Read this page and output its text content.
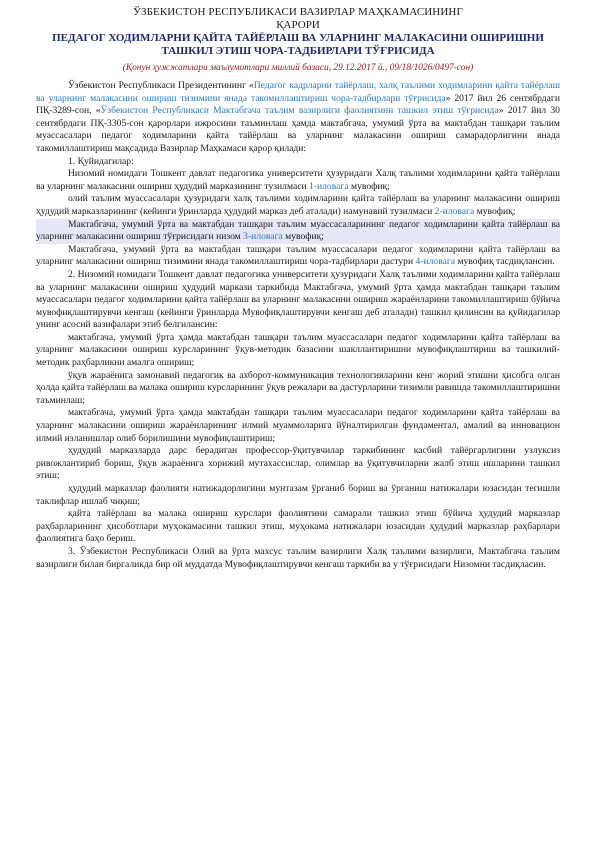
ЎЗБЕКИСТОН РЕСПУБЛИКАСИ ВАЗИРЛАР МАҲКАМАСИНИНГ
ҚАРОРИ
ПЕДАГОГ ХОДИМЛАРНИ ҚАЙТА ТАЙЁРЛАШ ВА УЛАРНИНГ МАЛАКАСИНИ ОШИРИШНИ ТАШКИЛ ЭТИШ ЧОРА-ТАДБИРЛАРИ ТЎҒРИСИДА
(Қонун ҳужжатлари маълумотлари миллий базаси, 29.12.2017 й., 09/18/1026/0497-сон)

Ўзбекистон Республикаси Президентининг «Педагог кадрларни тайёрлаш, халқ таълими ходимларини қайта тайёрлаш ва уларнинг малакасини ошириш тизимини янада такомиллаштириш чора-тадбирлари тўғрисида» 2017 йил 26 сентябрдаги ПҚ-3289-сон, «Ўзбекистон Республикаси Мактабгача таълим вазирлиги фаолиятини ташкил этиш тўғрисида» 2017 йил 30 сентябрдаги ПҚ-3305-сон қарорлари ижросини таъминлаш ҳамда мактабгача, умумий ўрта ва мактабдан ташқари таълим муассасалари педагог ходимларини қайта тайёрлаш ва уларнинг малакасини ошириш самарадорлигини янада такомиллаштириш мақсадида Вазирлар Маҳкамаси қарор қилади:

1. Қуйидагилар:

Низомий номидаги Тошкент давлат педагогика университети ҳузуридаги Халқ таълими ходимларини қайта тайёрлаш ва уларнинг малакасини ошириш ҳудудий марказининг тузилмаси 1-иловага мувофиқ;

олий таълим муассасалари ҳузуридаги халқ таълими ходимларини қайта тайёрлаш ва уларнинг малакасини ошириш ҳудудий марказларининг (кейинги ўринларда ҳудудий марказ деб аталади) намунавий тузилмаси 2-иловага мувофиқ;

Мактабгача, умумий ўрта ва мактабдан ташқари таълим муассасаларининг педагог ходимларини қайта тайёрлаш ва уларнинг малакасини ошириш тўғрисидаги низом 3-иловага мувофиқ;

Мактабгача, умумий ўрта ва мактабдан ташқари таълим муассасалари педагог ходимларини қайта тайёрлаш ва уларнинг малакасини ошириш тизимини янада такомиллаштириш чора-тадбирлари дастури 4-иловага мувофиқ тасдиқлансин.

2. Низомий номидаги Тошкент давлат педагогика университети ҳузуридаги Халқ таълими ходимларини қайта тайёрлаш ва уларнинг малакасини ошириш ҳудудий маркази таркибида Мактабгача, умумий ўрта ҳамда мактабдан ташқари таълим муассасалари педагог ходимларини қайта тайёрлаш ва уларнинг малакасини ошириш жараёнларини такомиллаштириш бўйича мувофиқлаштирувчи кенгаш (кейинги ўринларда Мувофиқлаштирувчи кенгаш деб аталади) ташкил қилинсин ва қуйидагилар унинг асосий вазифалари этиб белгилансин:

мактабгача, умумий ўрта ҳамда мактабдан ташқари таълим муассасалари педагог ходимларини қайта тайёрлаш ва уларнинг малакасини ошириш курсларининг ўқув-методик базасини шакллантиришни мувофиқлаштириш ва ташкилий-методик раҳбарликни амалга ошириш;

ўқув жараёнига замонавий педагогик ва ахборот-коммуникация технологияларини кенг жорий этишни ҳисобга олган ҳолда қайта тайёрлаш ва малака ошириш курсларининг ўқув режалари ва дастурларини тизимли равишда такомиллаштиришни таъминлаш;

мактабгача, умумий ўрта ҳамда мактабдан ташқари таълим муассасалари педагог ходимларини қайта тайёрлаш ва уларнинг малакасини ошириш жараёнларининг илмий муаммоларига йўналтирилган фундаментал, амалий ва инновацион илмий изланишлар олиб борилишини мувофиқлаштириш;

ҳудудий марказларда дарс берадиган профессор-ўқитувчилар таркибининг касбий тайёргарлигини узлуксиз ривожлантириб бориш, ўқув жараёнига хорижий мутахассислар, олимлар ва ўқитувчиларни жалб этиш ишларини ташкил этиш;

ҳудудий марказлар фаолияти натижадорлигини мунтазам ўрганиб бориш ва ўрганиш натижалари юзасидан тегишли таклифлар ишлаб чиқиш;

қайта тайёрлаш ва малака ошириш курслари фаолиятини самарали ташкил этиш бўйича ҳудудий марказлар раҳбарларининг ҳисоботлари муҳокамасини ташкил этиш, муҳокама натижалари юзасидан ҳудудий марказлар раҳбарлари фаолиятига баҳо бериш.

3. Ўзбекистон Республикаси Олий ва ўрта махсус таълим вазирлиги Халқ таълими вазирлиги, Мактабгача таълим вазирлиги билан биргаликда бир ой муддатда Мувофиқлаштирувчи кенгаш таркиби ва у тўғрисидаги Низомни тасдиқласин.
